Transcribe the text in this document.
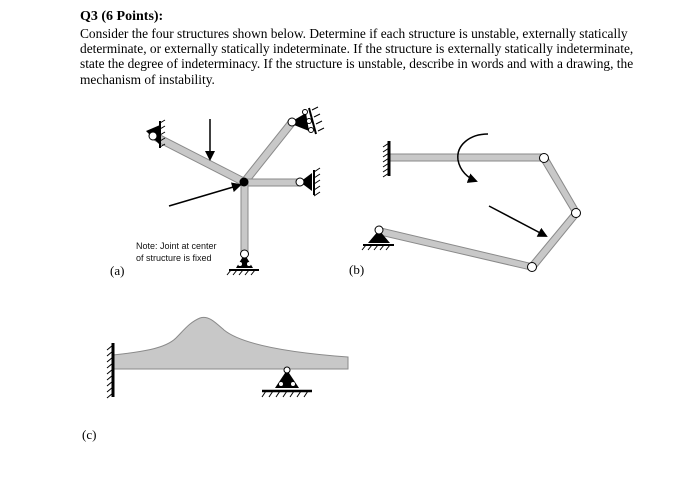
Q3 (6 Points):

Consider the four structures shown below. Determine if each structure is unstable, externally statically determinate, or externally statically indeterminate. If the structure is externally statically indeterminate, state the degree of indeterminacy. If the structure is unstable, describe in words and with a drawing, the mechanism of instability.

Note: Joint at center
of structure is fixed
(a)	(b)
(c)
